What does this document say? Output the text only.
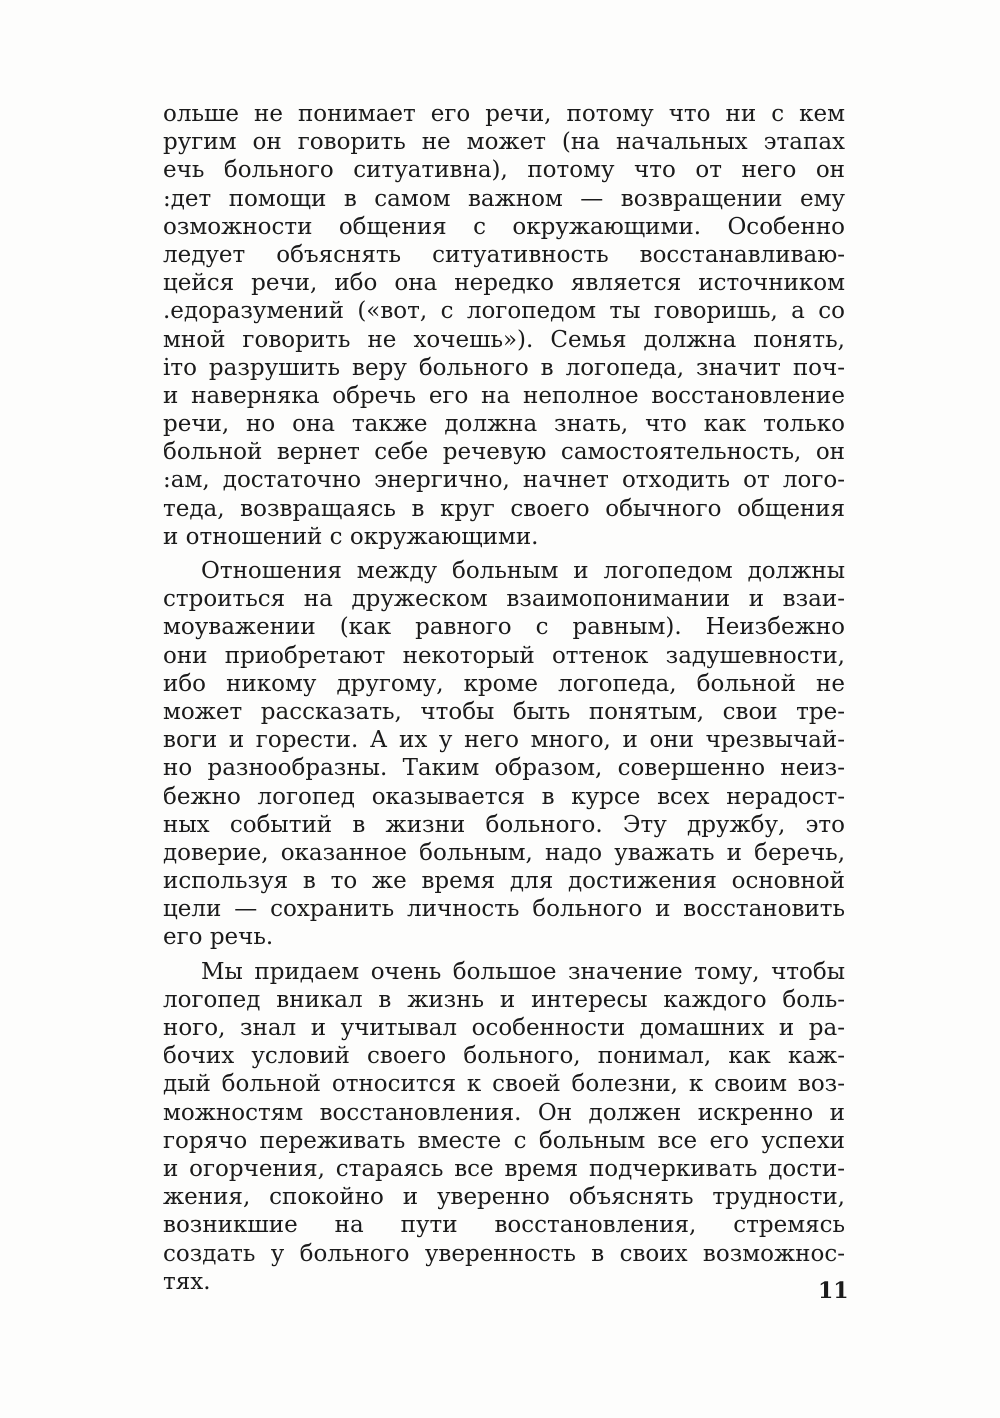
ольше не понимает его речи, потому что ни с кем
ругим он говорить не может (на начальных этапах
ечь больного ситуативна), потому что от него он
:дет помощи в самом важном — возвращении ему
озможности общения с окружающими. Особенно
ледует объяснять ситуативность восстанавливаю-
цейся речи, ибо она нередко является источником
.едоразумений («вот, с логопедом ты говоришь, а со
мной говорить не хочешь»). Семья должна понять,
іто разрушить веру больного в логопеда, значит поч-
и наверняка обречь его на неполное восстановление
речи, но она также должна знать, что как только
больной вернет себе речевую самостоятельность, он
:ам, достаточно энергично, начнет отходить от лого-
теда, возвращаясь в круг своего обычного общения
и отношений с окружающими.
Отношения между больным и логопедом должны
строиться на дружеском взаимопонимании и взаи-
моуважении (как равного с равным). Неизбежно
они приобретают некоторый оттенок задушевности,
ибо никому другому, кроме логопеда, больной не
может рассказать, чтобы быть понятым, свои тре-
воги и горести. А их у него много, и они чрезвычай-
но разнообразны. Таким образом, совершенно неиз-
бежно логопед оказывается в курсе всех нерадост-
ных событий в жизни больного. Эту дружбу, это
доверие, оказанное больным, надо уважать и беречь,
используя в то же время для достижения основной
цели — сохранить личность больного и восстановить
его речь.
Мы придаем очень большое значение тому, чтобы
логопед вникал в жизнь и интересы каждого боль-
ного, знал и учитывал особенности домашних и ра-
бочих условий своего больного, понимал, как каж-
дый больной относится к своей болезни, к своим воз-
можностям восстановления. Он должен искренно и
горячо переживать вместе с больным все его успехи
и огорчения, стараясь все время подчеркивать дости-
жения, спокойно и уверенно объяснять трудности,
возникшие на пути восстановления, стремясь
создать у больного уверенность в своих возможнос-
тях.	11
